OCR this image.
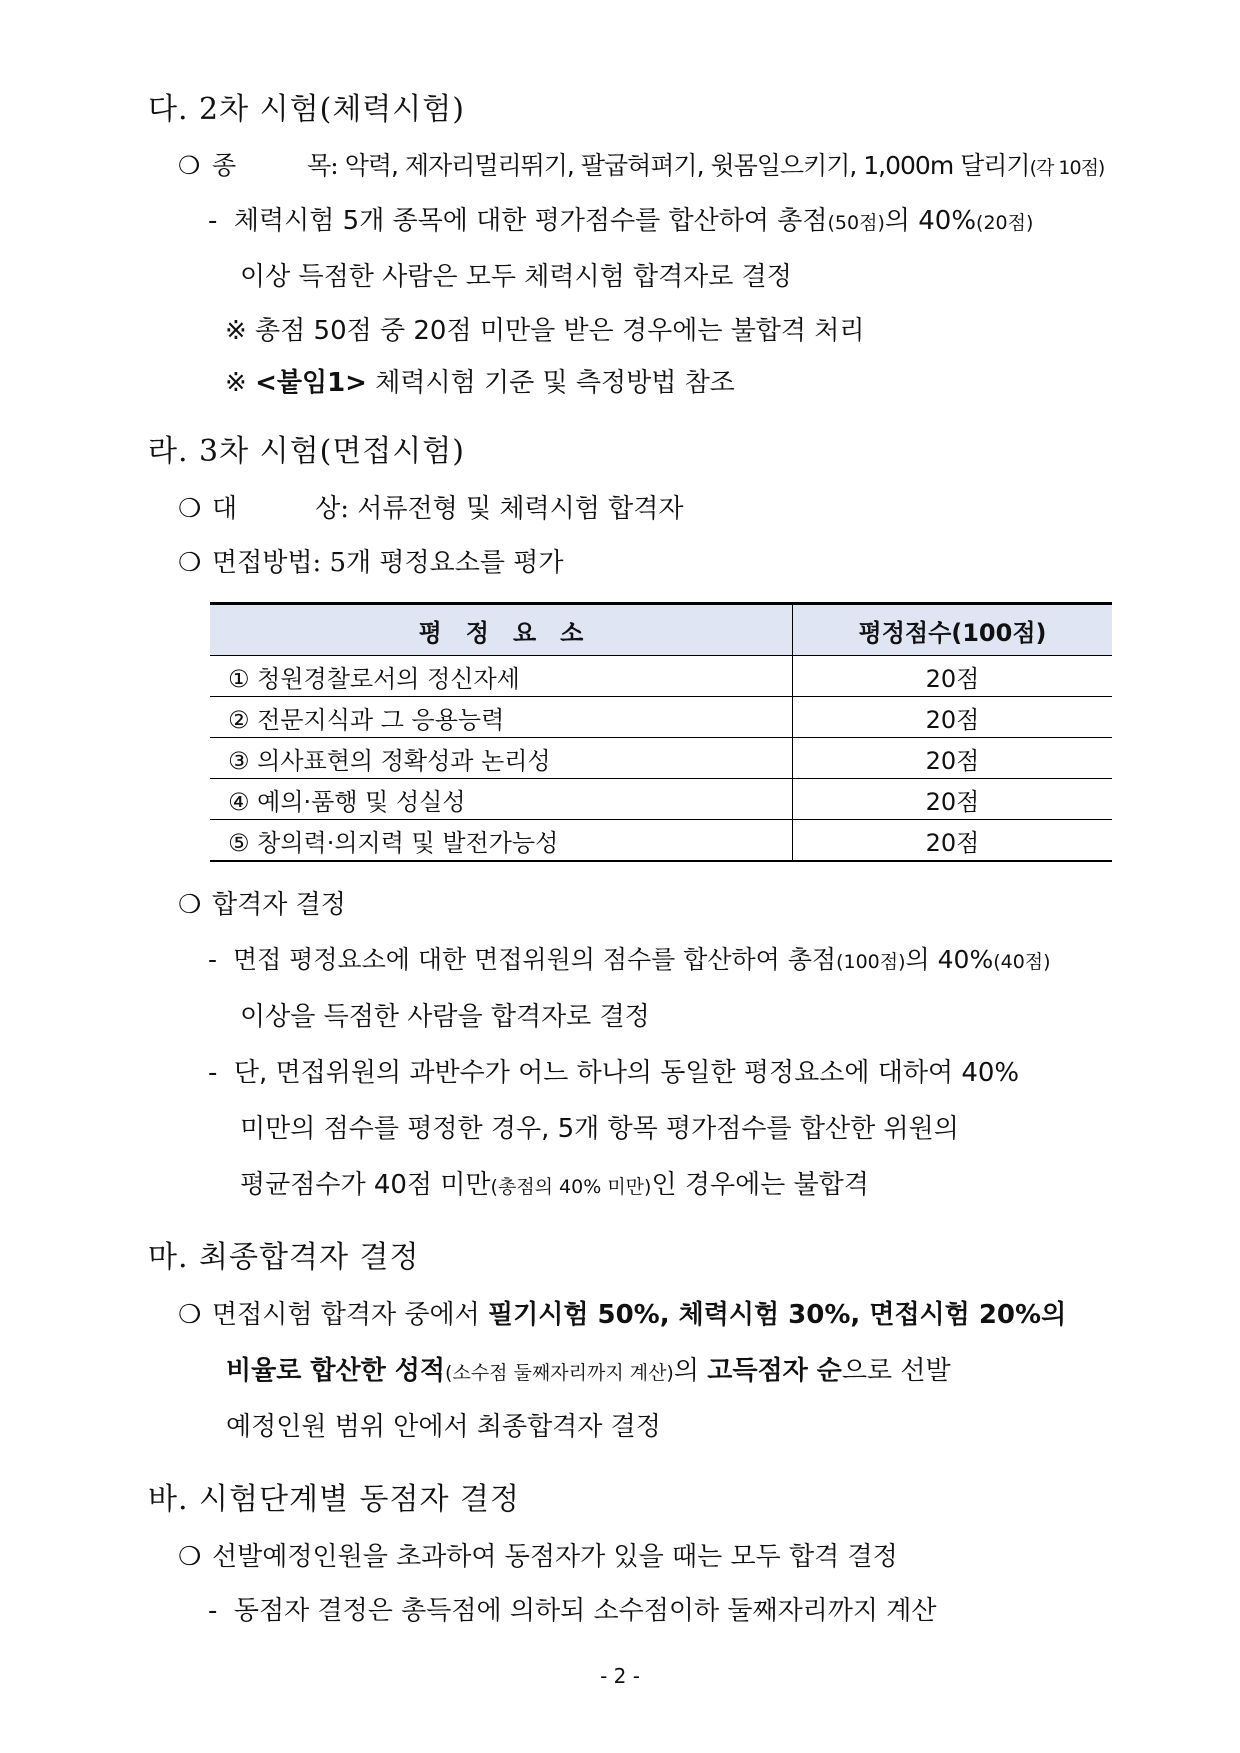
다. 2차 시험(체력시험)
❍ 종　　　목: 악력, 제자리멀리뛰기, 팔굽혀펴기, 윗몸일으키기, 1,000m 달리기(각 10점)
- 체력시험 5개 종목에 대한 평가점수를 합산하여 총점(50점)의 40%(20점)
이상 득점한 사람은 모두 체력시험 합격자로 결정
※ 총점 50점 중 20점 미만을 받은 경우에는 불합격 처리
※ <붙임1> 체력시험 기준 및 측정방법 참조
라. 3차 시험(면접시험)
❍ 대　　　상: 서류전형 및 체력시험 합격자
❍ 면접방법: 5개 평정요소를 평가
평　정　요　소	평정점수(100점)
① 청원경찰로서의 정신자세	20점
② 전문지식과 그 응용능력	20점
③ 의사표현의 정확성과 논리성	20점
④ 예의·품행 및 성실성	20점
⑤ 창의력·의지력 및 발전가능성	20점
❍ 합격자 결정
- 면접 평정요소에 대한 면접위원의 점수를 합산하여 총점(100점)의 40%(40점)
이상을 득점한 사람을 합격자로 결정
- 단, 면접위원의 과반수가 어느 하나의 동일한 평정요소에 대하여 40%
미만의 점수를 평정한 경우, 5개 항목 평가점수를 합산한 위원의
평균점수가 40점 미만(총점의 40% 미만)인 경우에는 불합격
마. 최종합격자 결정
❍ 면접시험 합격자 중에서 필기시험 50%, 체력시험 30%, 면접시험 20%의
비율로 합산한 성적(소수점 둘째자리까지 계산)의 고득점자 순으로 선발
예정인원 범위 안에서 최종합격자 결정
바. 시험단계별 동점자 결정
❍ 선발예정인원을 초과하여 동점자가 있을 때는 모두 합격 결정
- 동점자 결정은 총득점에 의하되 소수점이하 둘째자리까지 계산
- 2 -
